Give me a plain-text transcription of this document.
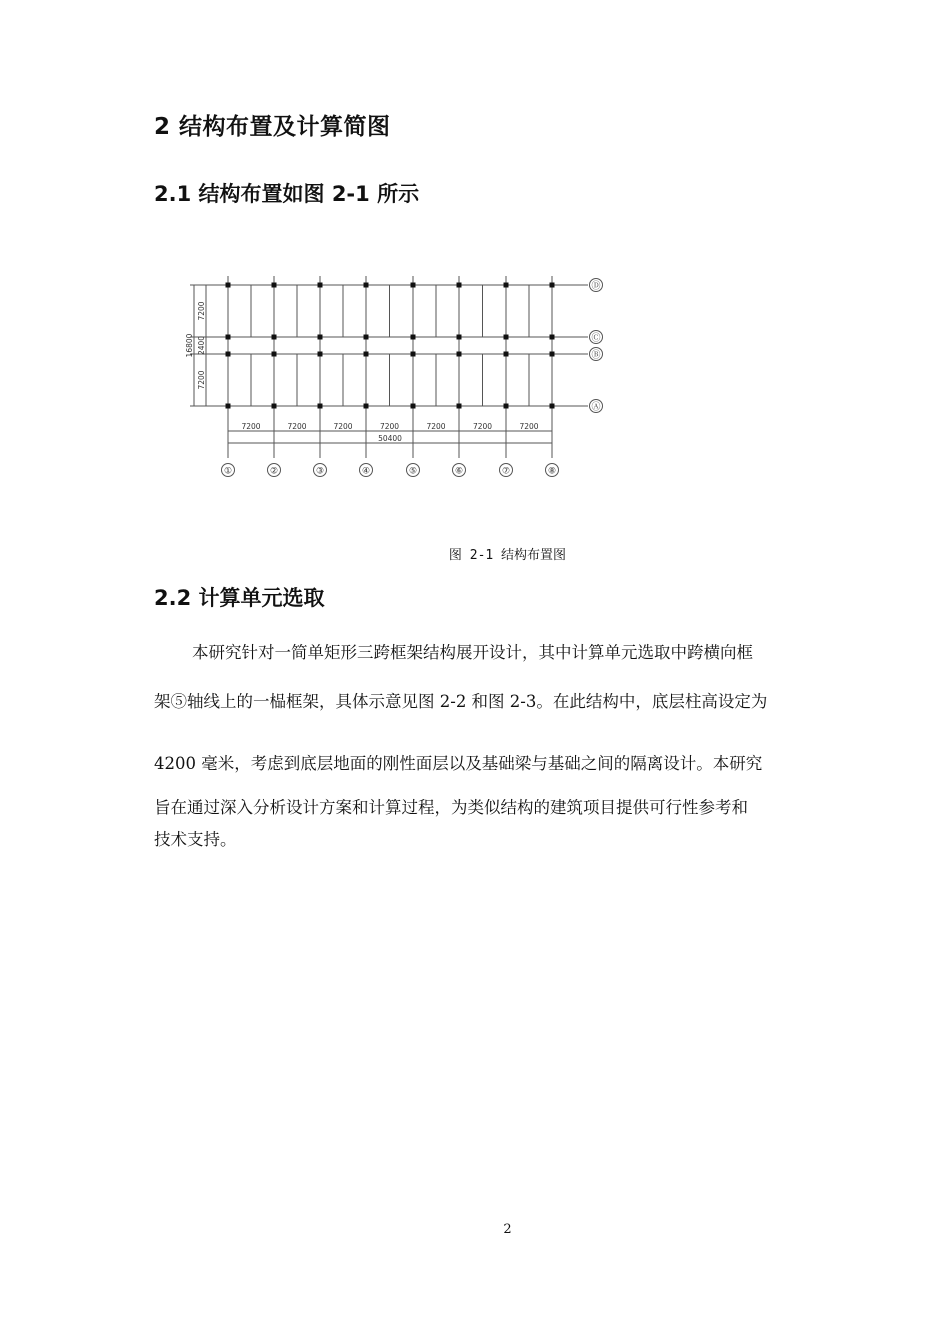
2 结构布置及计算简图
2.1 结构布置如图 2-1 所示
Ⓓ
Ⓒ
Ⓑ
Ⓐ
①	②	③	④	⑤	⑥	⑦	⑧
7200	7200	7200	7200	7200	7200	7200
50400
7200
2400
7200
16800
图 2-1 结构布置图
2.2 计算单元选取
本研究针对一简单矩形三跨框架结构展开设计，其中计算单元选取中跨横向框
架⑤轴线上的一榀框架，具体示意见图 2-2 和图 2-3。在此结构中，底层柱高设定为
4200 毫米，考虑到底层地面的刚性面层以及基础梁与基础之间的隔离设计。本研究
旨在通过深入分析设计方案和计算过程，为类似结构的建筑项目提供可行性参考和
技术支持。
2
